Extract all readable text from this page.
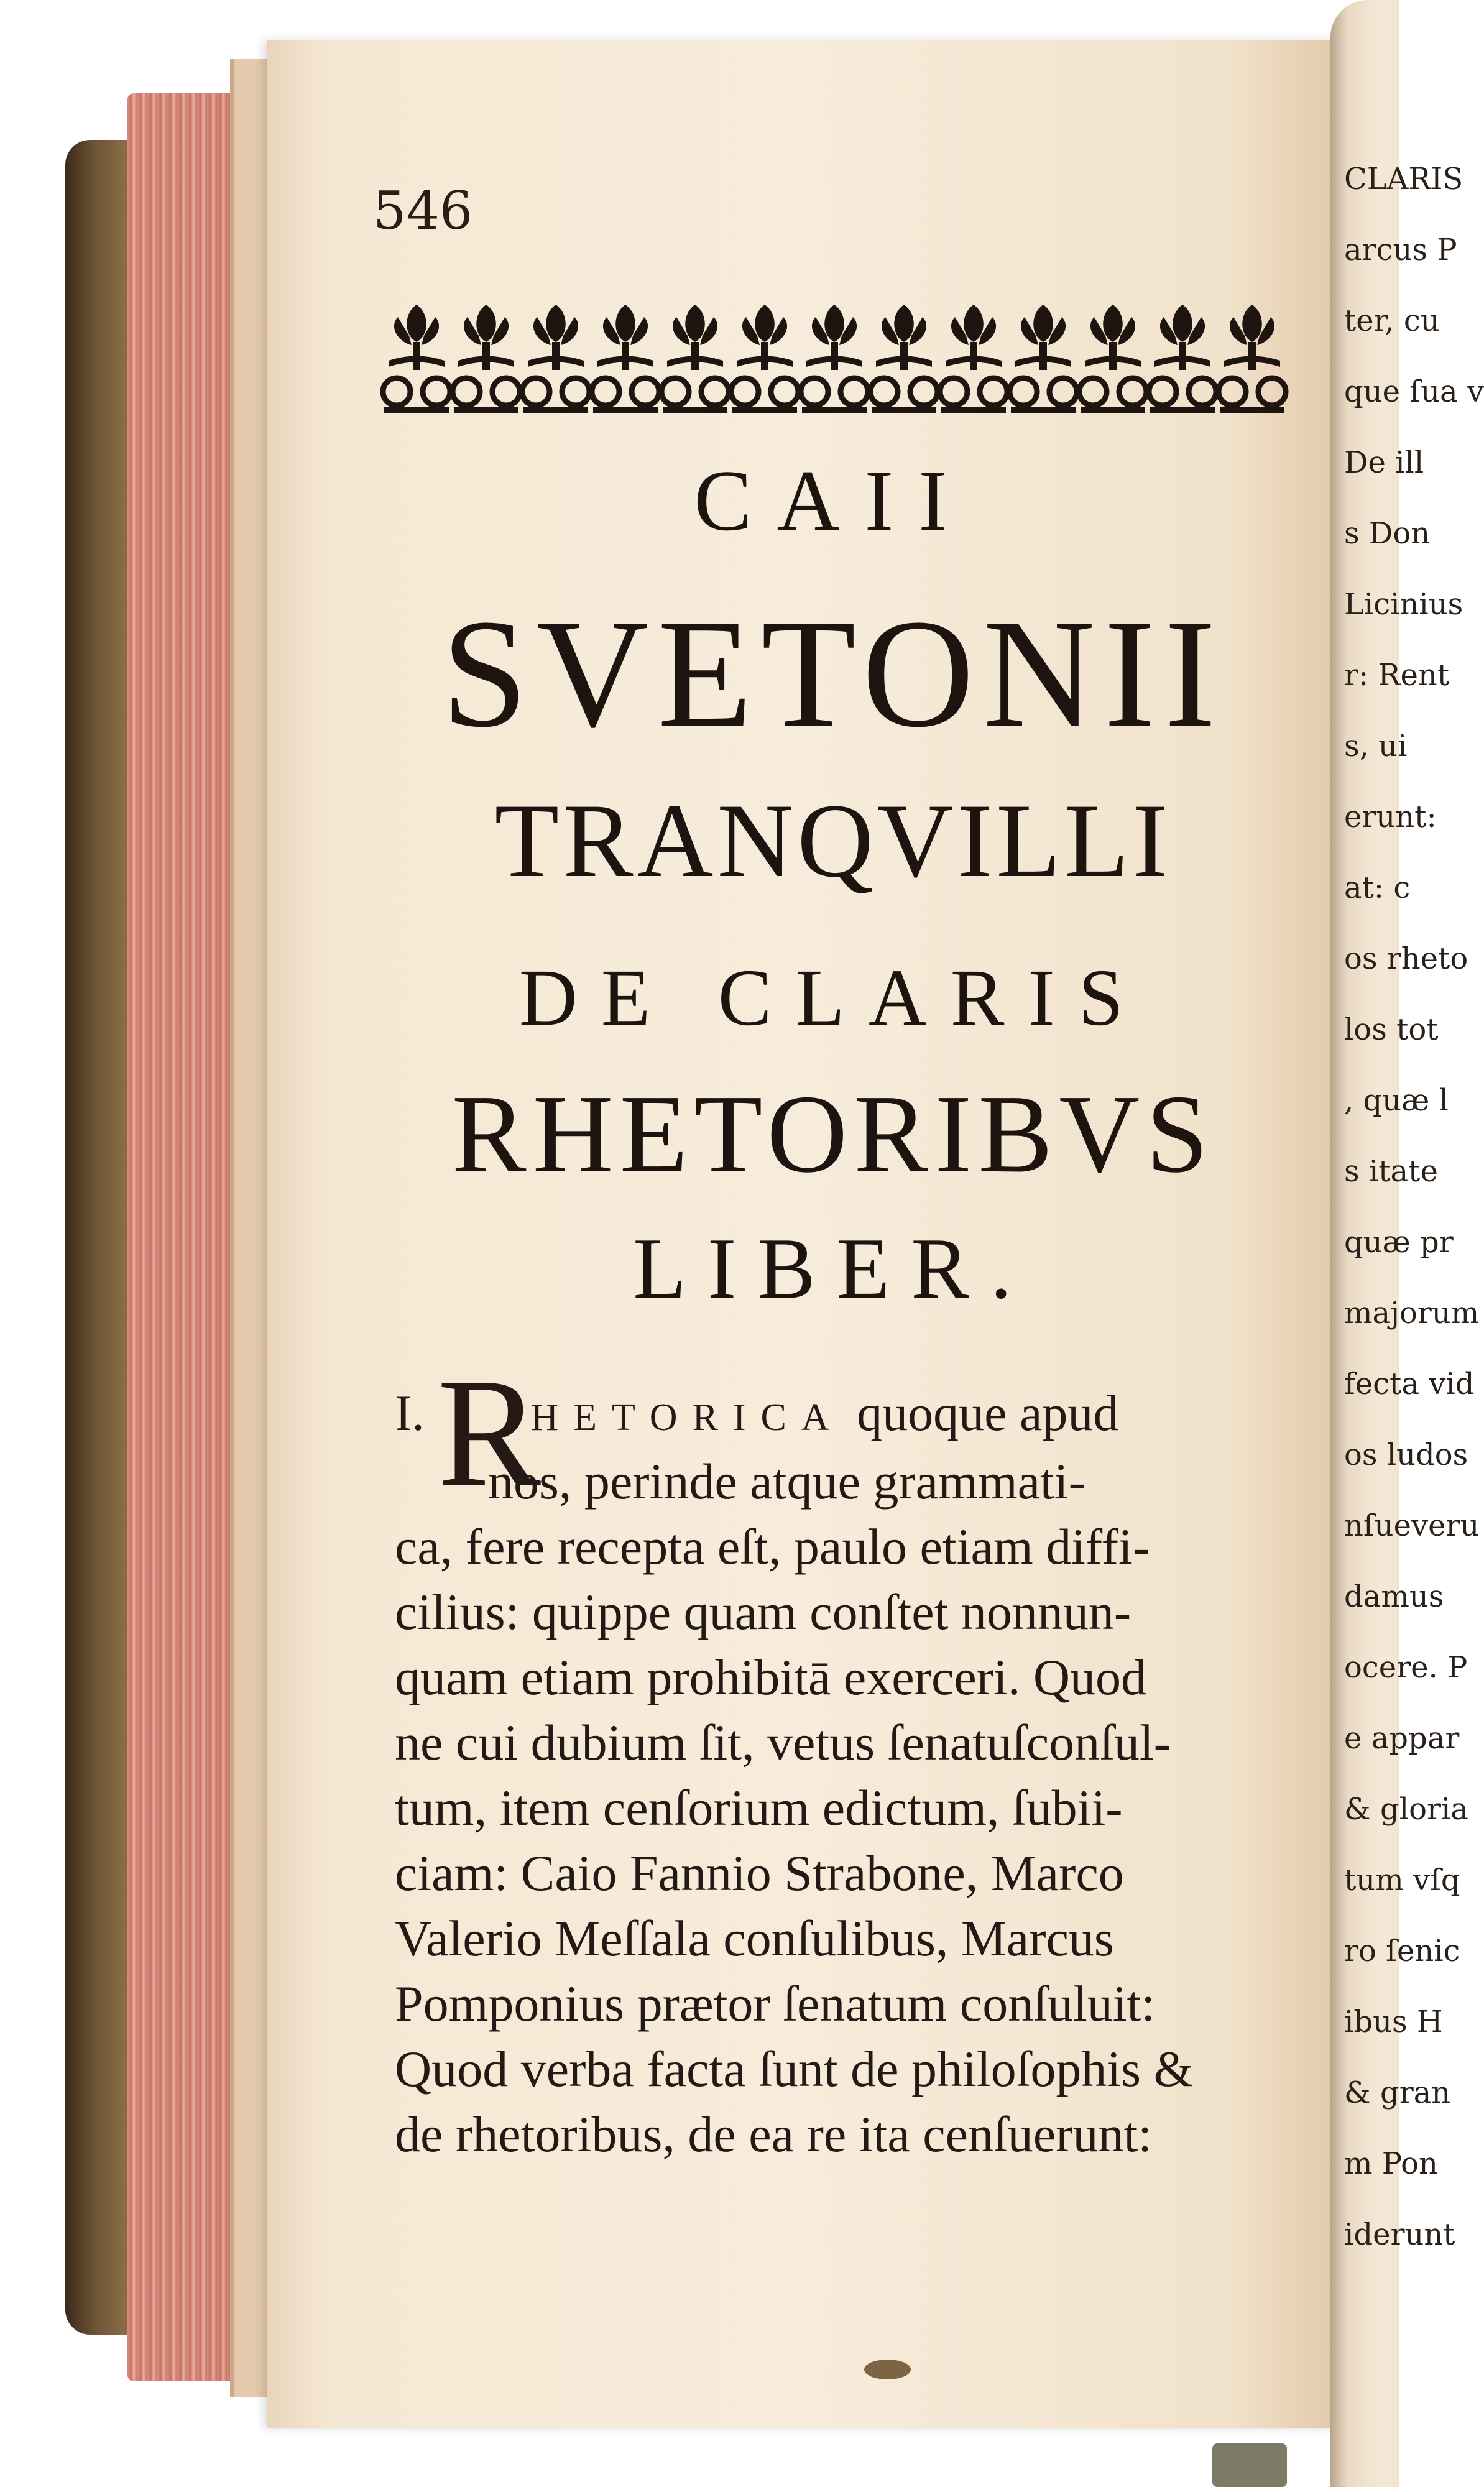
CLARIS
arcus P
ter, cu
que ſua v
De ill
s Don
Licinius
r: Rent
s, ui
erunt:
at: c
os rheto
los tot
, quæ l
s itate
quæ pr
majorum
fecta vid
os ludos
nſueveru
damus
ocere. P
e appar
& gloria
tum vſq
ro ſenic
ibus H
& gran
m Pon
iderunt
546
CAII
SVETONII
TRANQVILLI
DE CLARIS
RHETORIBVS
LIBER.
I. RHETORICA quoque apud
nos, perinde atque grammati-
ca, fere recepta eſt, paulo etiam diffi-
cilius: quippe quam conſtet nonnun-
quam etiam prohibitā exerceri. Quod
ne cui dubium ſit, vetus ſenatuſconſul-
tum, item cenſorium edictum, ſubii-
ciam: Caio Fannio Strabone, Marco
Valerio Meſſala conſulibus, Marcus
Pomponius prætor ſenatum conſuluit:
Quod verba facta ſunt de philoſophis &
de rhetoribus, de ea re ita cenſuerunt:
